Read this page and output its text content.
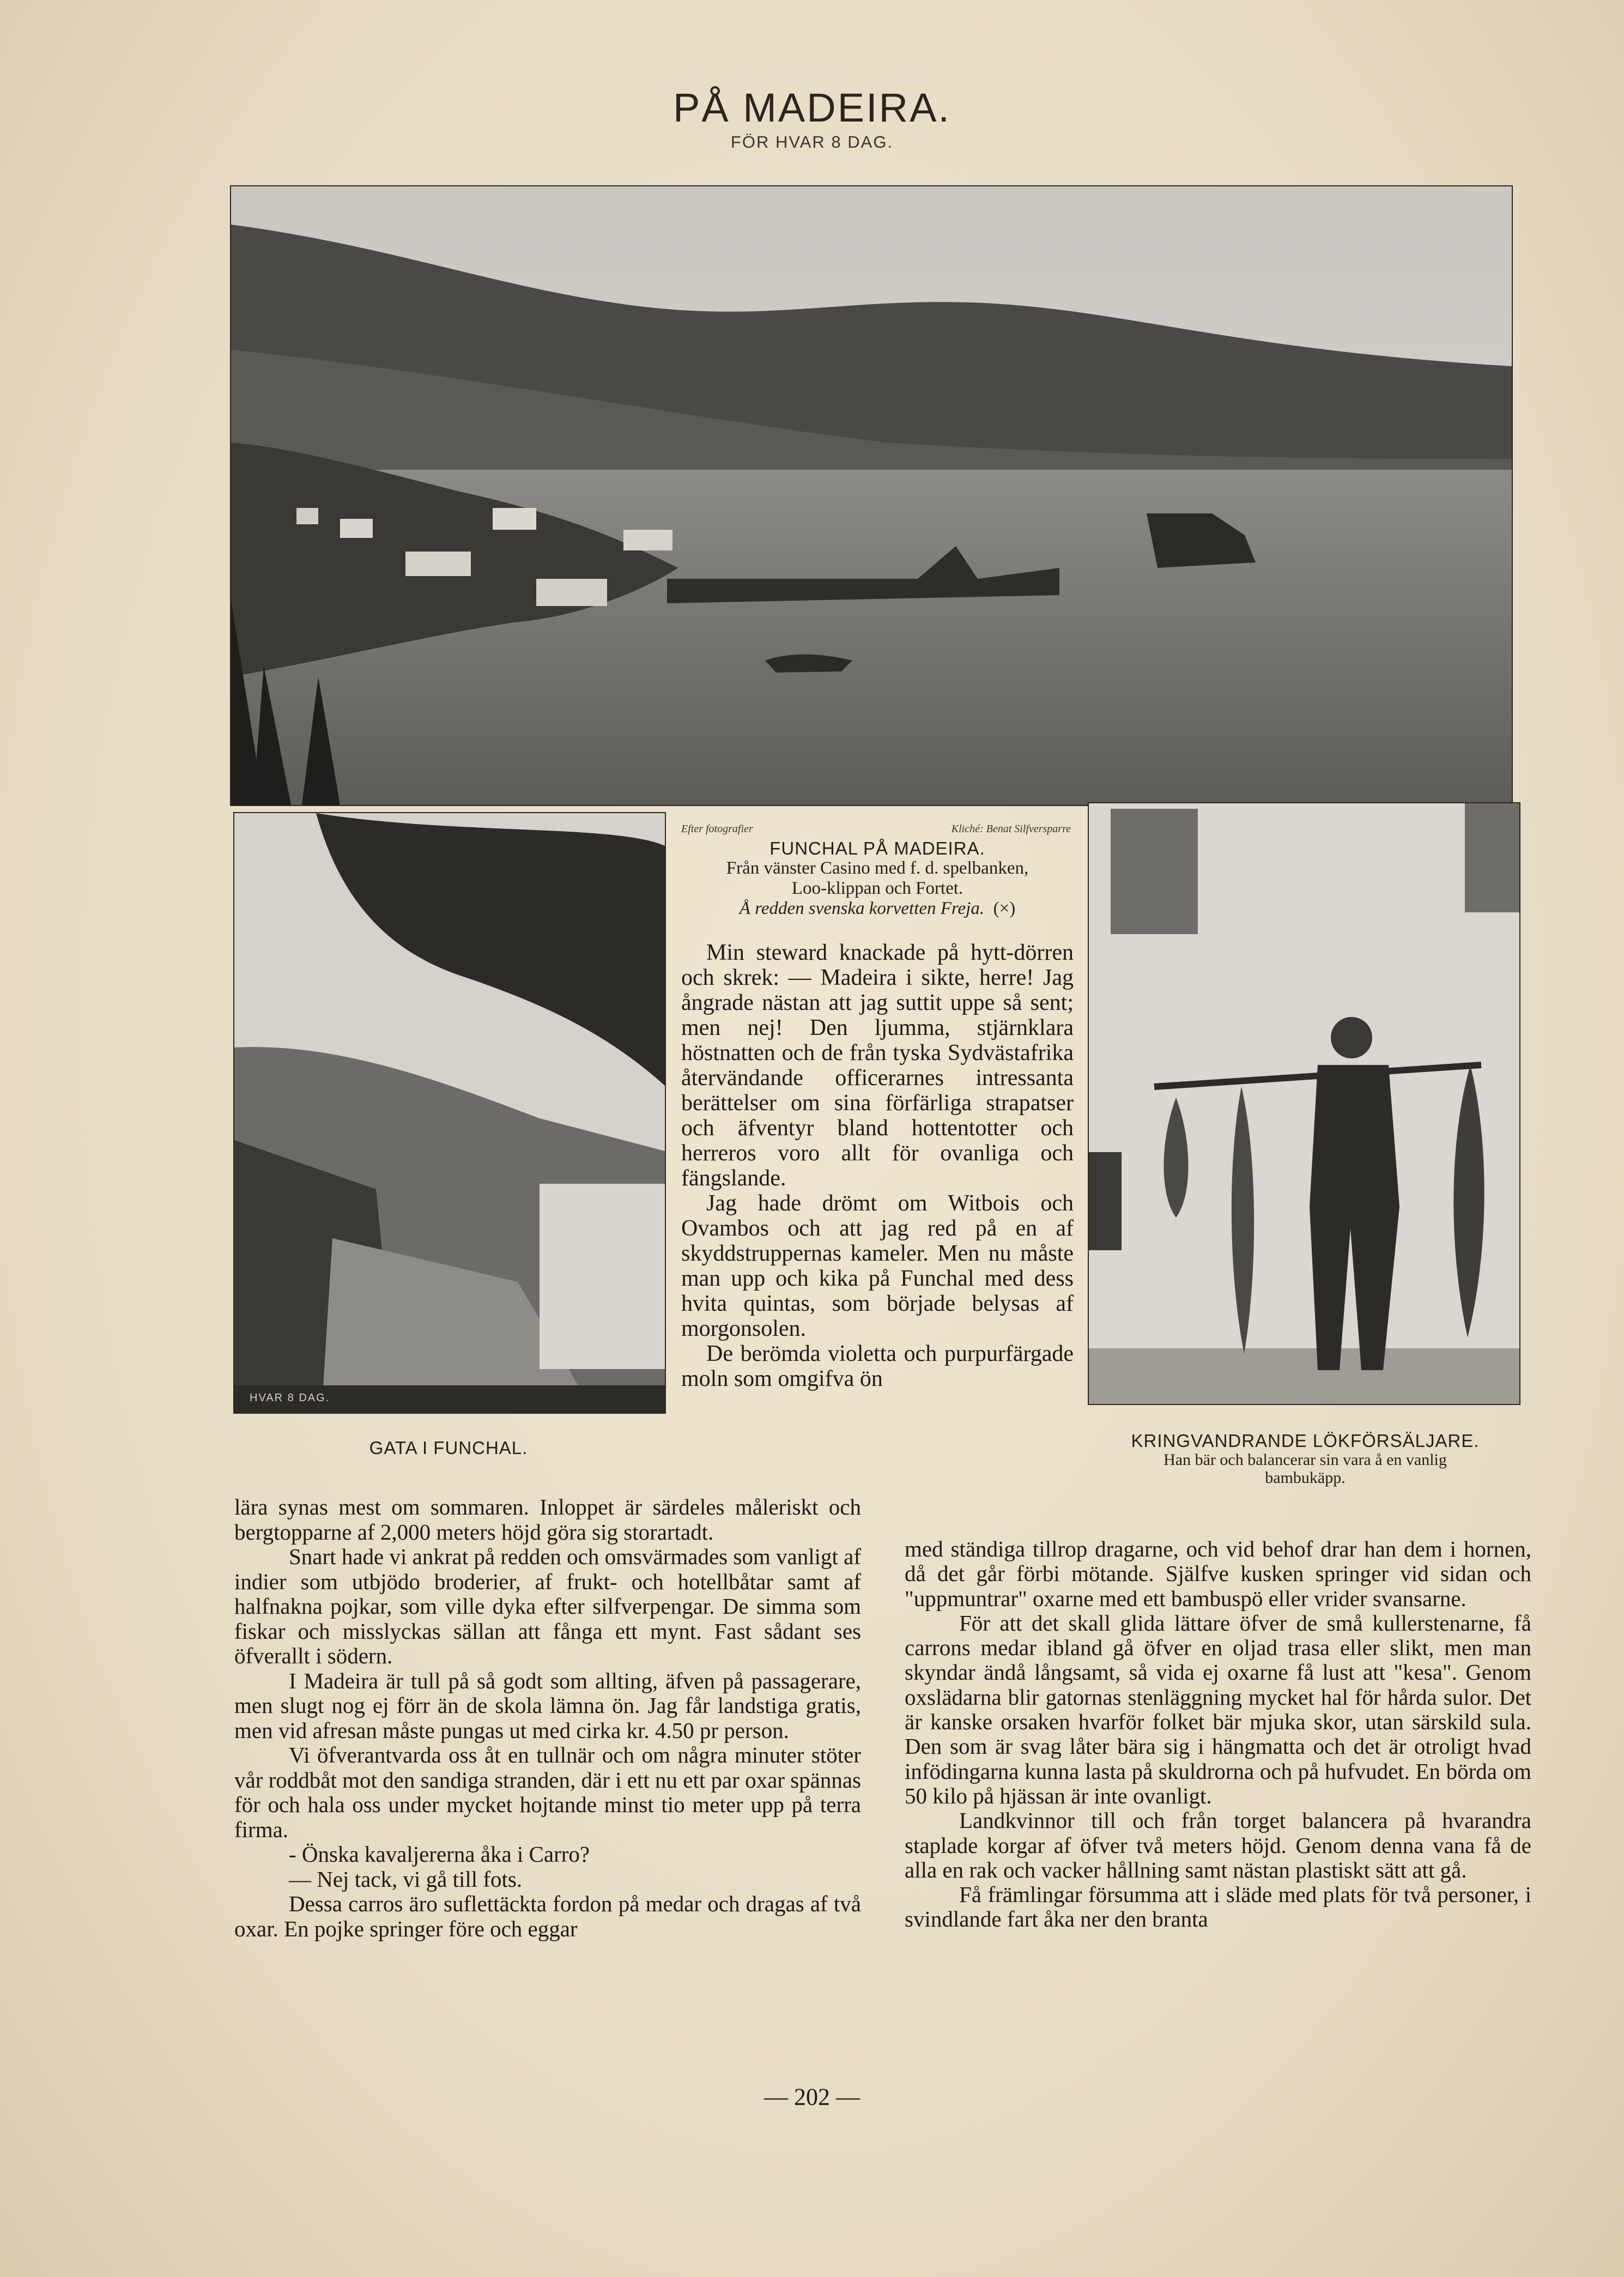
PÅ MADEIRA.
FÖR HVAR 8 DAG.
HVAR 8 DAG.
Efter fotografier	Kliché: Benat Silfversparre
FUNCHAL PÅ MADEIRA.
Från vänster Casino med f. d. spelbanken,
Loo-klippan och Fortet.
Å redden svenska korvetten Freja. (×)
GATA I FUNCHAL.	KRINGVANDRANDE LÖKFÖRSÄLJARE.
Han bär och balancerar sin vara å en vanlig
bambukäpp.

Min steward knackade på hytt-dörren och skrek: — Madeira i sikte, herre! Jag ångrade nästan att jag suttit uppe så sent; men nej! Den ljumma, stjärnklara höstnatten och de från tyska Sydvästafrika återvändande officerarnes intressanta berättelser om sina förfärliga strapatser och äfventyr bland hottentotter och herreros voro allt för ovanliga och fängslande.

Jag hade drömt om Witbois och Ovambos och att jag red på en af skyddstruppernas kameler. Men nu måste man upp och kika på Funchal med dess hvita quintas, som började belysas af morgonsolen.

De berömda violetta och purpurfärgade moln som omgifva ön

lära synas mest om sommaren. Inloppet är särdeles måleriskt och bergtopparne af 2,000 meters höjd göra sig storartadt.

Snart hade vi ankrat på redden och omsvärmades som vanligt af indier som utbjödo broderier, af frukt- och hotellbåtar samt af halfnakna pojkar, som ville dyka efter silfverpengar. De simma som fiskar och misslyckas sällan att fånga ett mynt. Fast sådant ses öfverallt i södern.

I Madeira är tull på så godt som allting, äfven på passagerare, men slugt nog ej förr än de skola lämna ön. Jag får landstiga gratis, men vid afresan måste pungas ut med cirka kr. 4.50 pr person.

Vi öfverantvarda oss åt en tullnär och om några minuter stöter vår roddbåt mot den sandiga stranden, där i ett nu ett par oxar spännas för och hala oss under mycket hojtande minst tio meter upp på terra firma.

- Önska kavaljererna åka i Carro?

— Nej tack, vi gå till fots.

Dessa carros äro suflettäckta fordon på medar och dragas af två oxar. En pojke springer före och eggar

med ständiga tillrop dragarne, och vid behof drar han dem i hornen, då det går förbi mötande. Själfve kusken springer vid sidan och "uppmuntrar" oxarne med ett bambuspö eller vrider svansarne.

För att det skall glida lättare öfver de små kullerstenarne, få carrons medar ibland gå öfver en oljad trasa eller slikt, men man skyndar ändå långsamt, så vida ej oxarne få lust att "kesa". Genom oxslädarna blir gatornas stenläggning mycket hal för hårda sulor. Det är kanske orsaken hvarför folket bär mjuka skor, utan särskild sula. Den som är svag låter bära sig i hängmatta och det är otroligt hvad infödingarna kunna lasta på skuldrorna och på hufvudet. En börda om 50 kilo på hjässan är inte ovanligt.

Landkvinnor till och från torget balancera på hvarandra staplade korgar af öfver två meters höjd. Genom denna vana få de alla en rak och vacker hållning samt nästan plastiskt sätt att gå.

Få främlingar försumma att i släde med plats för två personer, i svindlande fart åka ner den branta

— 202 —
